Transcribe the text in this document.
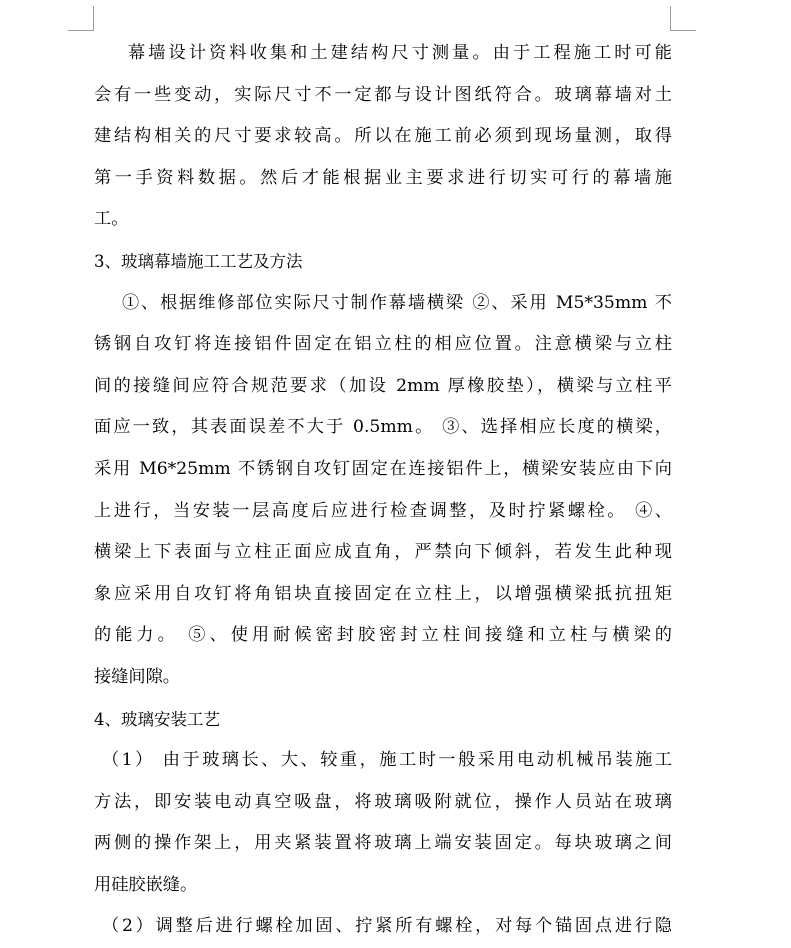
幕墙设计资料收集和土建结构尺寸测量。由于工程施工时可能
会有一些变动，实际尺寸不一定都与设计图纸符合。玻璃幕墙对土
建结构相关的尺寸要求较高。所以在施工前必须到现场量测，取得
第一手资料数据。然后才能根据业主要求进行切实可行的幕墙施
工。
3、玻璃幕墙施工工艺及方法
①、根据维修部位实际尺寸制作幕墙横梁 ②、采用 M5*35mm 不
锈钢自攻钉将连接铝件固定在铝立柱的相应位置。注意横梁与立柱
间的接缝间应符合规范要求（加设 2mm 厚橡胶垫），横梁与立柱平
面应一致，其表面误差不大于 0.5mm。 ③、选择相应长度的横梁，
采用 M6*25mm 不锈钢自攻钉固定在连接铝件上，横梁安装应由下向
上进行，当安装一层高度后应进行检查调整，及时拧紧螺栓。 ④、
横梁上下表面与立柱正面应成直角，严禁向下倾斜，若发生此种现
象应采用自攻钉将角铝块直接固定在立柱上，以增强横梁抵抗扭矩
的能力。 ⑤、使用耐候密封胶密封立柱间接缝和立柱与横梁的
接缝间隙。
4、玻璃安装工艺
（1） 由于玻璃长、大、较重，施工时一般采用电动机械吊装施工
方法，即安装电动真空吸盘，将玻璃吸附就位，操作人员站在玻璃
两侧的操作架上，用夹紧装置将玻璃上端安装固定。每块玻璃之间
用硅胶嵌缝。
（2）调整后进行螺栓加固、拧紧所有螺栓，对每个锚固点进行隐
